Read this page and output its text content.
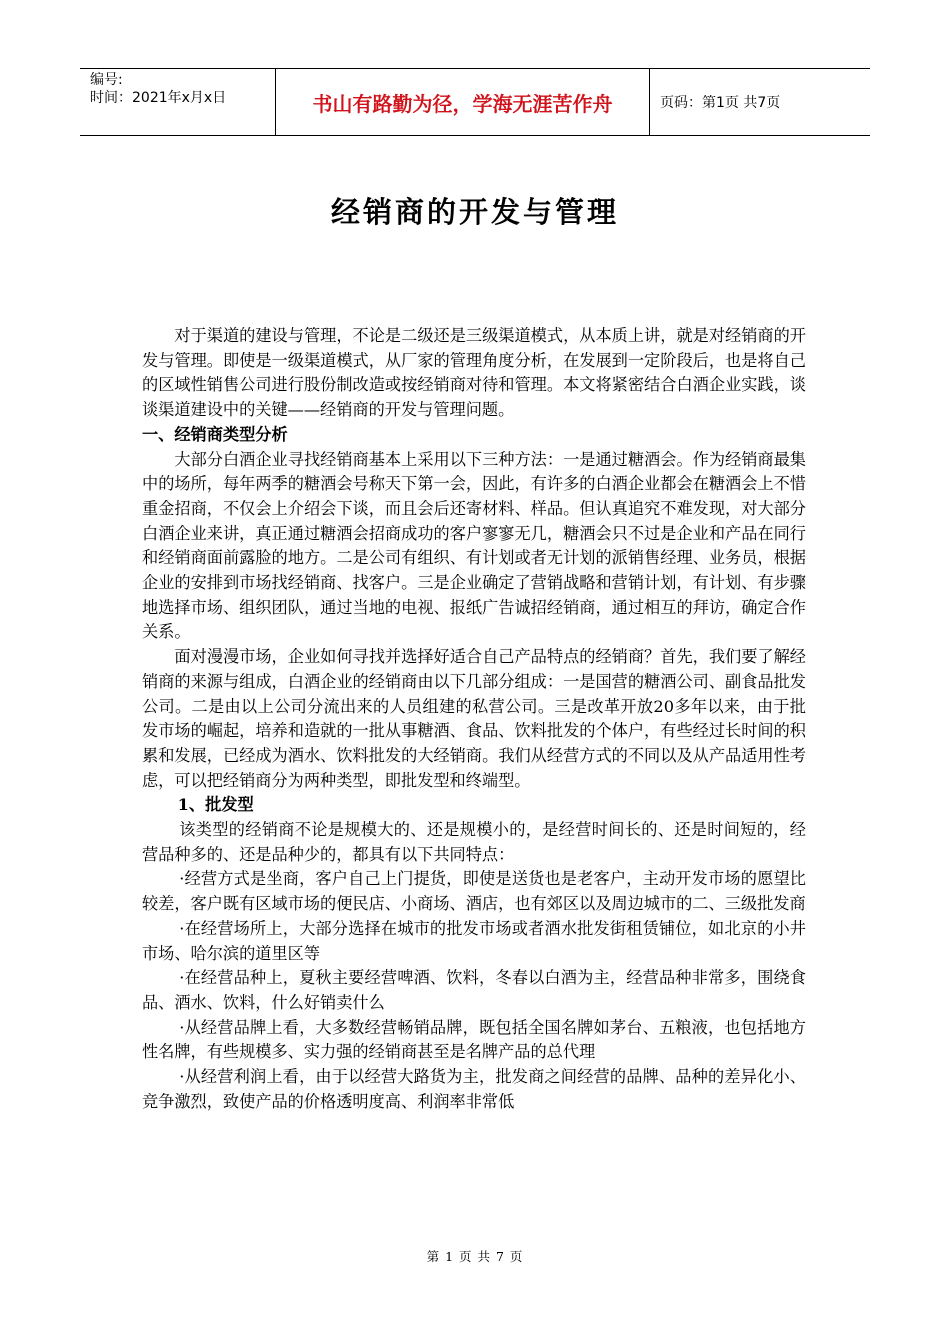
编号:
时间：2021年x月x日	书山有路勤为径，学海无涯苦作舟	页码：第1页 共7页
经销商的开发与管理

对于渠道的建设与管理，不论是二级还是三级渠道模式，从本质上讲，就是对经销商的开发与管理。即使是一级渠道模式，从厂家的管理角度分析，在发展到一定阶段后，也是将自己的区域性销售公司进行股份制改造或按经销商对待和管理。本文将紧密结合白酒企业实践，谈谈渠道建设中的关键——经销商的开发与管理问题。

一、经销商类型分析

大部分白酒企业寻找经销商基本上采用以下三种方法：一是通过糖酒会。作为经销商最集中的场所，每年两季的糖酒会号称天下第一会，因此，有许多的白酒企业都会在糖酒会上不惜重金招商，不仅会上介绍会下谈，而且会后还寄材料、样品。但认真追究不难发现，对大部分白酒企业来讲，真正通过糖酒会招商成功的客户寥寥无几，糖酒会只不过是企业和产品在同行和经销商面前露脸的地方。二是公司有组织、有计划或者无计划的派销售经理、业务员，根据企业的安排到市场找经销商、找客户。三是企业确定了营销战略和营销计划，有计划、有步骤地选择市场、组织团队，通过当地的电视、报纸广告诚招经销商，通过相互的拜访，确定合作关系。

面对漫漫市场，企业如何寻找并选择好适合自己产品特点的经销商？首先，我们要了解经销商的来源与组成，白酒企业的经销商由以下几部分组成：一是国营的糖酒公司、副食品批发公司。二是由以上公司分流出来的人员组建的私营公司。三是改革开放20多年以来，由于批发市场的崛起，培养和造就的一批从事糖酒、食品、饮料批发的个体户，有些经过长时间的积累和发展，已经成为酒水、饮料批发的大经销商。我们从经营方式的不同以及从产品适用性考虑，可以把经销商分为两种类型，即批发型和终端型。

1、批发型

该类型的经销商不论是规模大的、还是规模小的，是经营时间长的、还是时间短的，经营品种多的、还是品种少的，都具有以下共同特点：

·经营方式是坐商，客户自己上门提货，即使是送货也是老客户，主动开发市场的愿望比较差，客户既有区域市场的便民店、小商场、酒店，也有郊区以及周边城市的二、三级批发商

·在经营场所上，大部分选择在城市的批发市场或者酒水批发街租赁铺位，如北京的小井市场、哈尔滨的道里区等

·在经营品种上，夏秋主要经营啤酒、饮料，冬春以白酒为主，经营品种非常多，围绕食品、酒水、饮料，什么好销卖什么

·从经营品牌上看，大多数经营畅销品牌，既包括全国名牌如茅台、五粮液，也包括地方性名牌，有些规模多、实力强的经销商甚至是名牌产品的总代理

·从经营利润上看，由于以经营大路货为主，批发商之间经营的品牌、品种的差异化小、竞争激烈，致使产品的价格透明度高、利润率非常低

第 1 页 共 7 页
